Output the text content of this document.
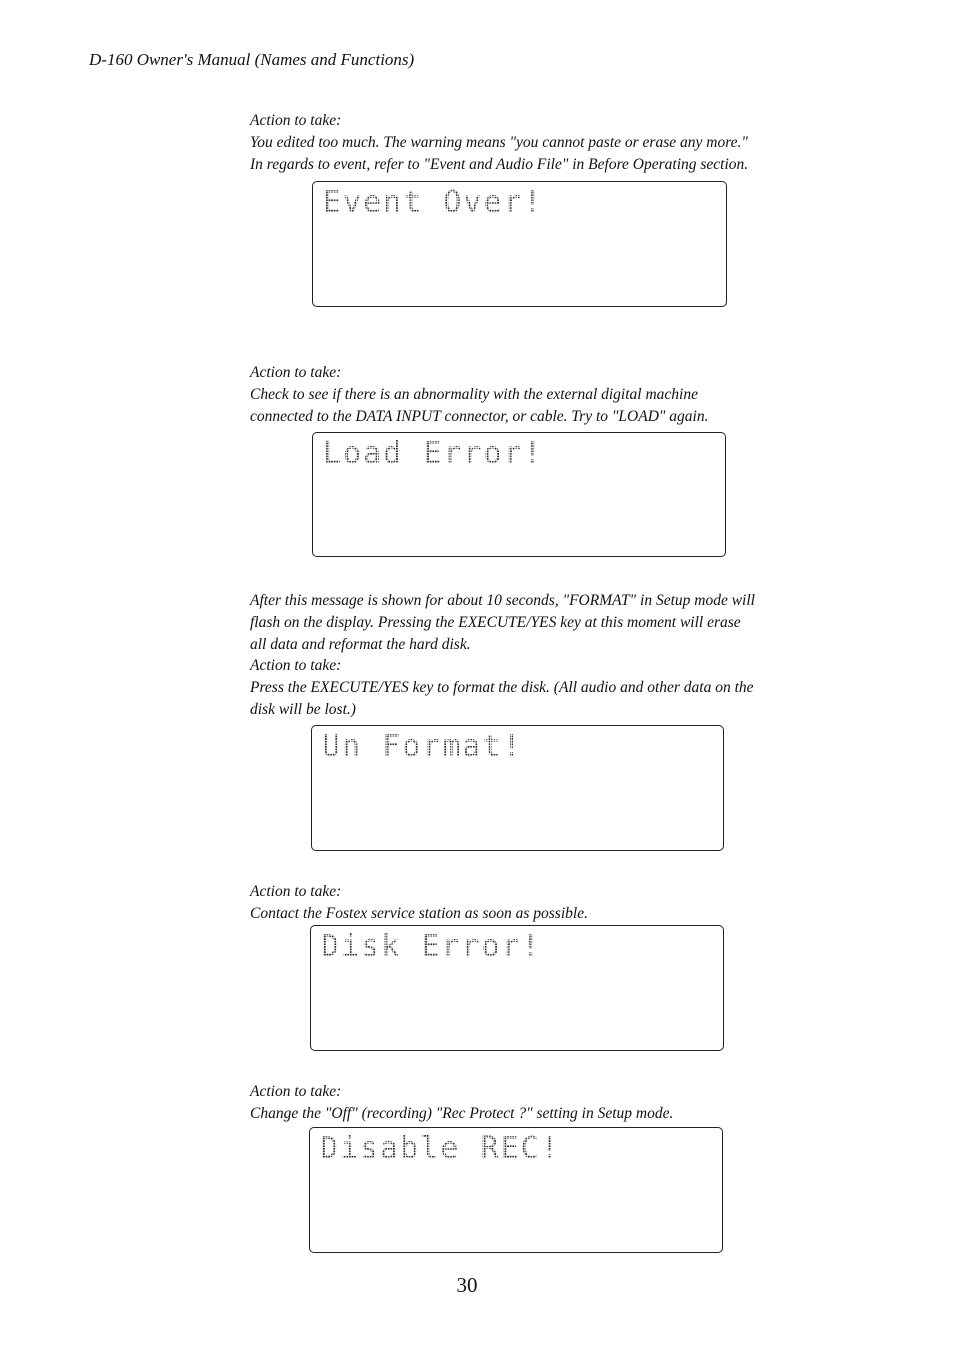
D-160 Owner's Manual (Names and Functions)
Action to take:
You edited too much. The warning means "you cannot paste or erase any more."
In regards to event, refer to "Event and Audio File" in Before Operating section.
Event Over!
Action to take:
Check to see if there is an abnormality with the external digital machine
connected to the DATA INPUT connector, or cable. Try to "LOAD" again.
Load Error!
After this message is shown for about 10 seconds, "FORMAT" in Setup mode will
flash on the display. Pressing the EXECUTE/YES key at this moment will erase
all data and reformat the hard disk.
Action to take:
Press the EXECUTE/YES key to format the disk. (All audio and other data on the
disk will be lost.)
Un Format!
Action to take:
Contact the Fostex service station as soon as possible.
Disk Error!
Action to take:
Change the "Off" (recording) "Rec Protect ?" setting in Setup mode.
Disable REC!
30
